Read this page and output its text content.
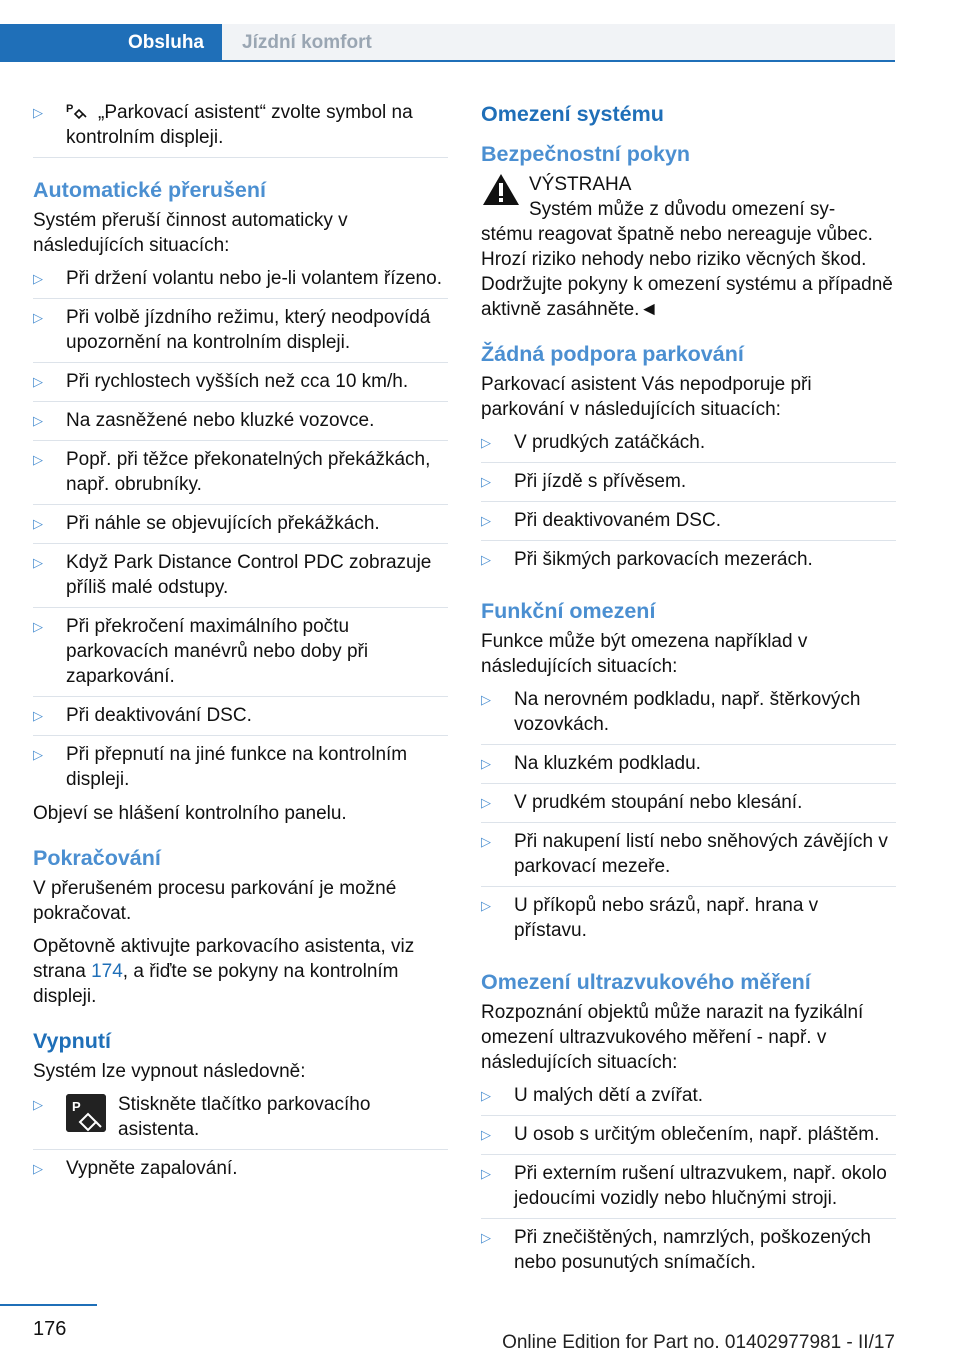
Obsluha Jízdní komfort
▷ P „Parkovací asistent“ zvolte symbol na kontrolním displeji.
Automatické přerušení

Systém přeruší činnost automaticky v následujících situacích:

▷ Při držení volantu nebo je-li volantem řízeno.
▷ Při volbě jízdního režimu, který neodpovídá upozornění na kontrolním displeji.
▷ Při rychlostech vyšších než cca 10 km/h.
▷ Na zasněžené nebo kluzké vozovce.
▷ Popř. při těžce překonatelných překážkách, např. obrubníky.
▷ Při náhle se objevujících překážkách.
▷ Když Park Distance Control PDC zobrazuje příliš malé odstupy.
▷ Při překročení maximálního počtu parkovacích manévrů nebo doby při zaparkování.
▷ Při deaktivování DSC.
▷ Při přepnutí na jiné funkce na kontrolním displeji.

Objeví se hlášení kontrolního panelu.

Pokračování

V přerušeném procesu parkování je možné pokračovat.

Opětovně aktivujte parkovacího asistenta, viz strana 174, a řiďte se pokyny na kontrolním displeji.

Vypnutí

Systém lze vypnout následovně:

▷ P	Stiskněte tlačítko parkovacího asistenta.
▷ Vypněte zapalování.
Omezení systému
Bezpečnostní pokyn
VÝSTRAHA
Systém může z důvodu omezení sy-

stému reagovat špatně nebo nereaguje vůbec. Hrozí riziko nehody nebo riziko věcných škod. Dodržujte pokyny k omezení systému a případně aktivně zasáhněte.◄

Žádná podpora parkování

Parkovací asistent Vás nepodporuje při parkování v následujících situacích:

▷ V prudkých zatáčkách.
▷ Při jízdě s přívěsem.
▷ Při deaktivovaném DSC.
▷ Při šikmých parkovacích mezerách.
Funkční omezení

Funkce může být omezena například v následujících situacích:

▷ Na nerovném podkladu, např. štěrkových vozovkách.
▷ Na kluzkém podkladu.
▷ V prudkém stoupání nebo klesání.
▷ Při nakupení listí nebo sněhových závějích v parkovací mezeře.
▷ U příkopů nebo srázů, např. hrana v přístavu.
Omezení ultrazvukového měření

Rozpoznání objektů může narazit na fyzikální omezení ultrazvukového měření - např. v následujících situacích:

▷ U malých dětí a zvířat.
▷ U osob s určitým oblečením, např. pláštěm.
▷ Při externím rušení ultrazvukem, např. okolo jedoucími vozidly nebo hlučnými stroji.
▷ Při znečištěných, namrzlých, poškozených nebo posunutých snímačích.
176
Online Edition for Part no. 01402977981 - II/17
